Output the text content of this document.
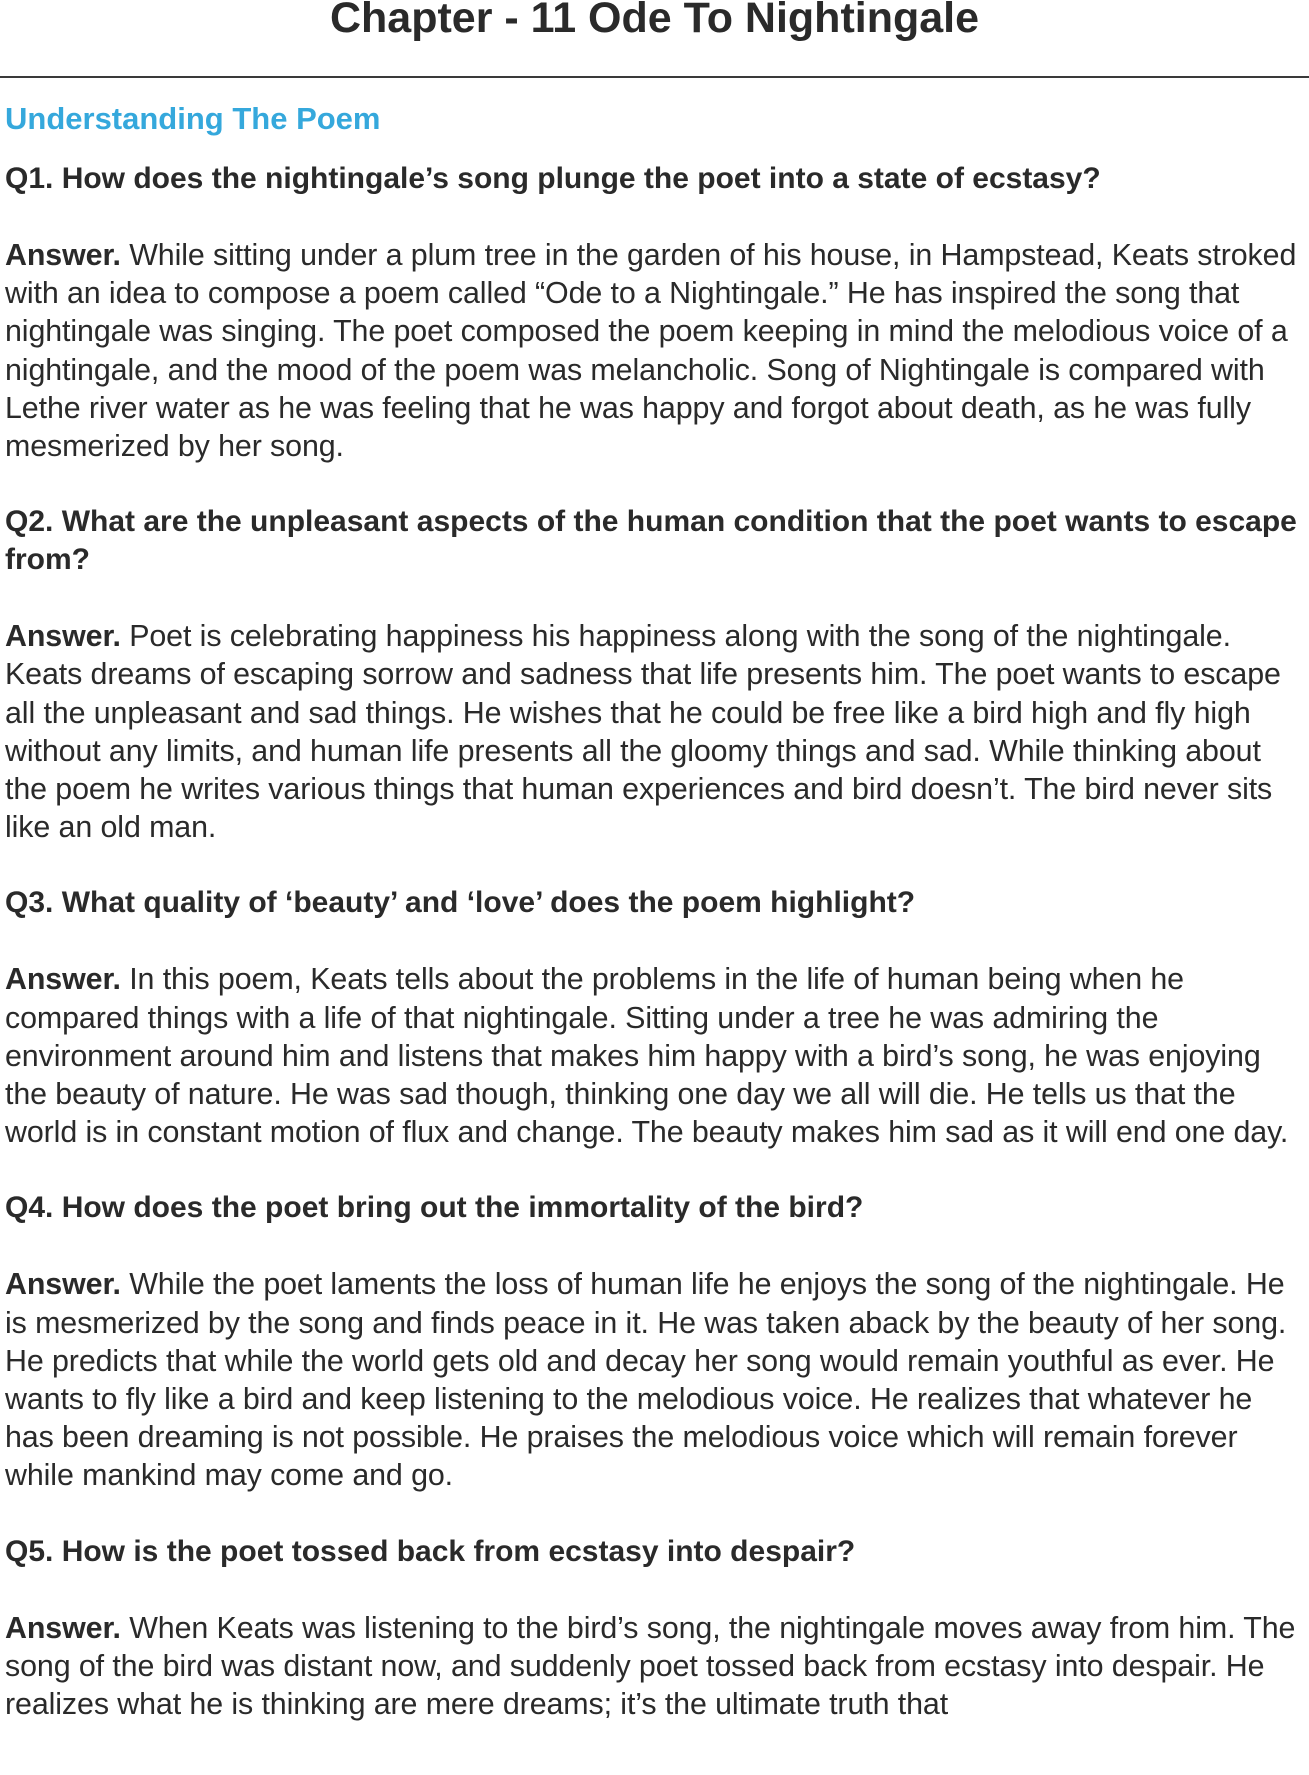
Chapter - 11 Ode To Nightingale
Understanding The Poem

Q1. How does the nightingale’s song plunge the poet into a state of ecstasy?

Answer. While sitting under a plum tree in the garden of his house, in Hampstead, Keats stroked with an idea to compose a poem called “Ode to a Nightingale.” He has inspired the song that nightingale was singing. The poet composed the poem keeping in mind the melodious voice of a nightingale, and the mood of the poem was melancholic. Song of Nightingale is compared with Lethe river water as he was feeling that he was happy and forgot about death, as he was fully mesmerized by her song.

Q2. What are the unpleasant aspects of the human condition that the poet wants to escape from?

Answer. Poet is celebrating happiness his happiness along with the song of the nightingale. Keats dreams of escaping sorrow and sadness that life presents him. The poet wants to escape all the unpleasant and sad things. He wishes that he could be free like a bird high and fly high without any limits, and human life presents all the gloomy things and sad. While thinking about the poem he writes various things that human experiences and bird doesn’t. The bird never sits like an old man.

Q3. What quality of ‘beauty’ and ‘love’ does the poem highlight?

Answer. In this poem, Keats tells about the problems in the life of human being when he compared things with a life of that nightingale. Sitting under a tree he was admiring the environment around him and listens that makes him happy with a bird’s song, he was enjoying the beauty of nature. He was sad though, thinking one day we all will die. He tells us that the world is in constant motion of flux and change. The beauty makes him sad as it will end one day.

Q4. How does the poet bring out the immortality of the bird?

Answer. While the poet laments the loss of human life he enjoys the song of the nightingale. He is mesmerized by the song and finds peace in it. He was taken aback by the beauty of her song. He predicts that while the world gets old and decay her song would remain youthful as ever. He wants to fly like a bird and keep listening to the melodious voice. He realizes that whatever he has been dreaming is not possible. He praises the melodious voice which will remain forever while mankind may come and go.

Q5. How is the poet tossed back from ecstasy into despair?

Answer. When Keats was listening to the bird’s song, the nightingale moves away from him. The song of the bird was distant now, and suddenly poet tossed back from ecstasy into despair. He realizes what he is thinking are mere dreams; it’s the ultimate truth that
